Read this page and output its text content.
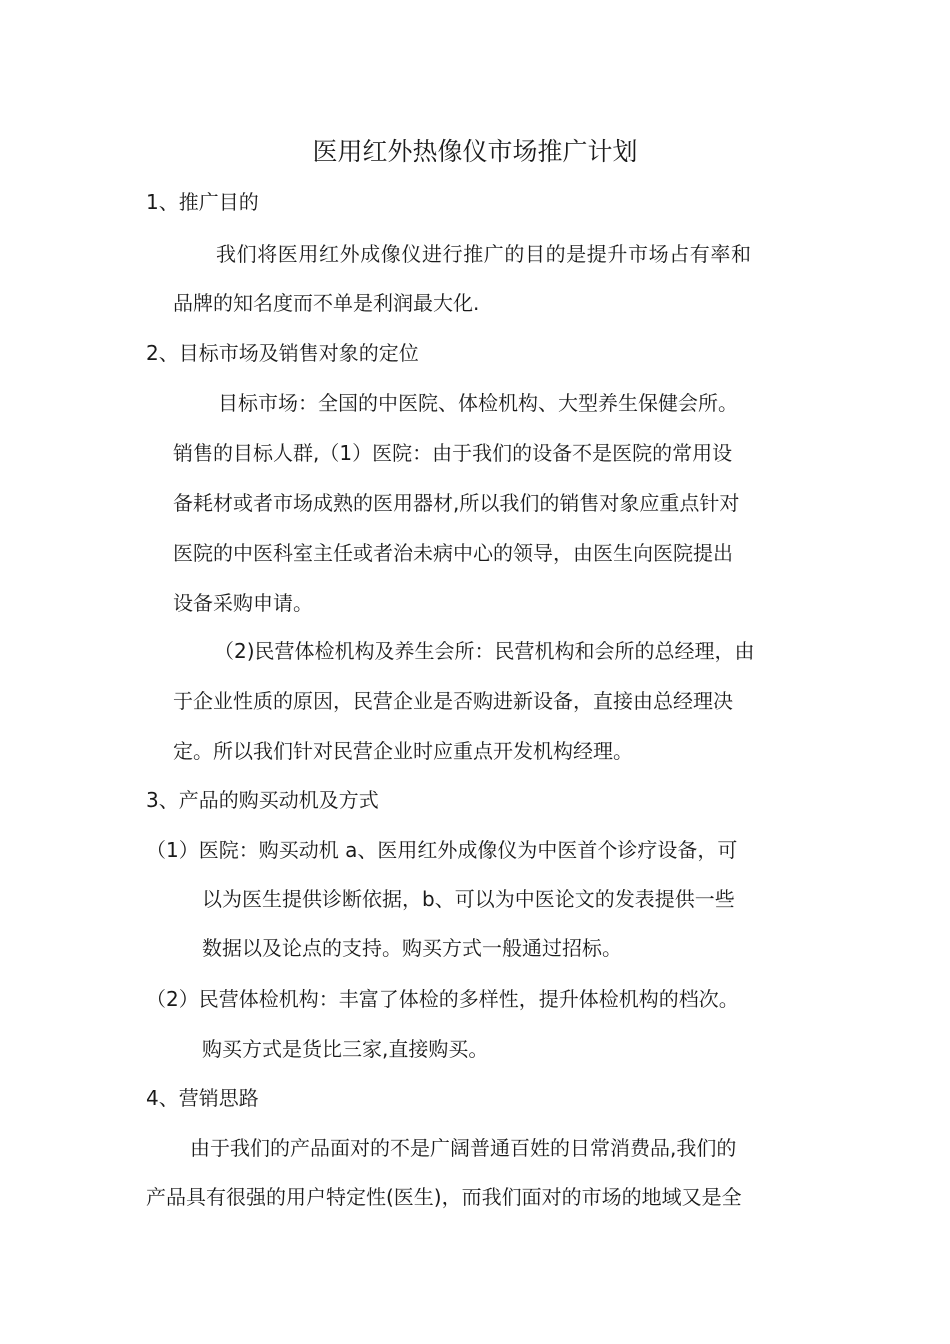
医用红外热像仪市场推广计划
1、推广目的
我们将医用红外成像仪进行推广的目的是提升市场占有率和
品牌的知名度而不单是利润最大化.
2、目标市场及销售对象的定位
目标市场：全国的中医院、体检机构、大型养生保健会所。
销售的目标人群,（1）医院：由于我们的设备不是医院的常用设
备耗材或者市场成熟的医用器材,所以我们的销售对象应重点针对
医院的中医科室主任或者治未病中心的领导，由医生向医院提出
设备采购申请。
（2)民营体检机构及养生会所：民营机构和会所的总经理，由
于企业性质的原因，民营企业是否购进新设备，直接由总经理决
定。所以我们针对民营企业时应重点开发机构经理。
3、产品的购买动机及方式
（1）医院：购买动机 a、医用红外成像仪为中医首个诊疗设备，可
以为医生提供诊断依据，b、可以为中医论文的发表提供一些
数据以及论点的支持。购买方式一般通过招标。
（2）民营体检机构：丰富了体检的多样性，提升体检机构的档次。
购买方式是货比三家,直接购买。
4、营销思路
由于我们的产品面对的不是广阔普通百姓的日常消费品,我们的
产品具有很强的用户特定性(医生)，而我们面对的市场的地域又是全
